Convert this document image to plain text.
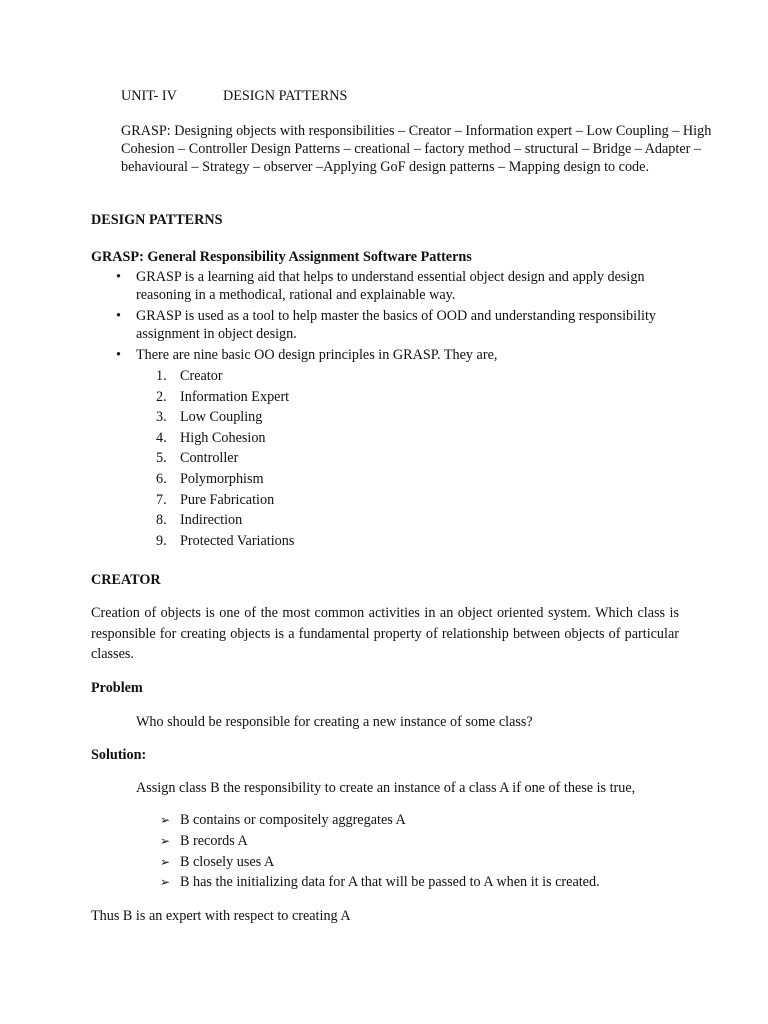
UNIT- IV	DESIGN PATTERNS
GRASP: Designing objects with responsibilities – Creator – Information expert – Low Coupling – High Cohesion – Controller Design Patterns – creational – factory method – structural – Bridge – Adapter – behavioural – Strategy – observer –Applying GoF design patterns – Mapping design to code.
DESIGN PATTERNS
GRASP: General Responsibility Assignment Software Patterns
• GRASP is a learning aid that helps to understand essential object design and apply design reasoning in a methodical, rational and explainable way.
• GRASP is used as a tool to help master the basics of OOD and understanding responsibility assignment in object design.
• There are nine basic OO design principles in GRASP. They are,
1. Creator
2. Information Expert
3. Low Coupling
4. High Cohesion
5. Controller
6. Polymorphism
7. Pure Fabrication
8. Indirection
9. Protected Variations
CREATOR
Creation of objects is one of the most common activities in an object oriented system. Which class is responsible for creating objects is a fundamental property of relationship between objects of particular classes.
Problem
Who should be responsible for creating a new instance of some class?
Solution:
Assign class B the responsibility to create an instance of a class A if one of these is true,
➢ B contains or compositely aggregates A
➢ B records A
➢ B closely uses A
➢ B has the initializing data for A that will be passed to A when it is created.
Thus B is an expert with respect to creating A
